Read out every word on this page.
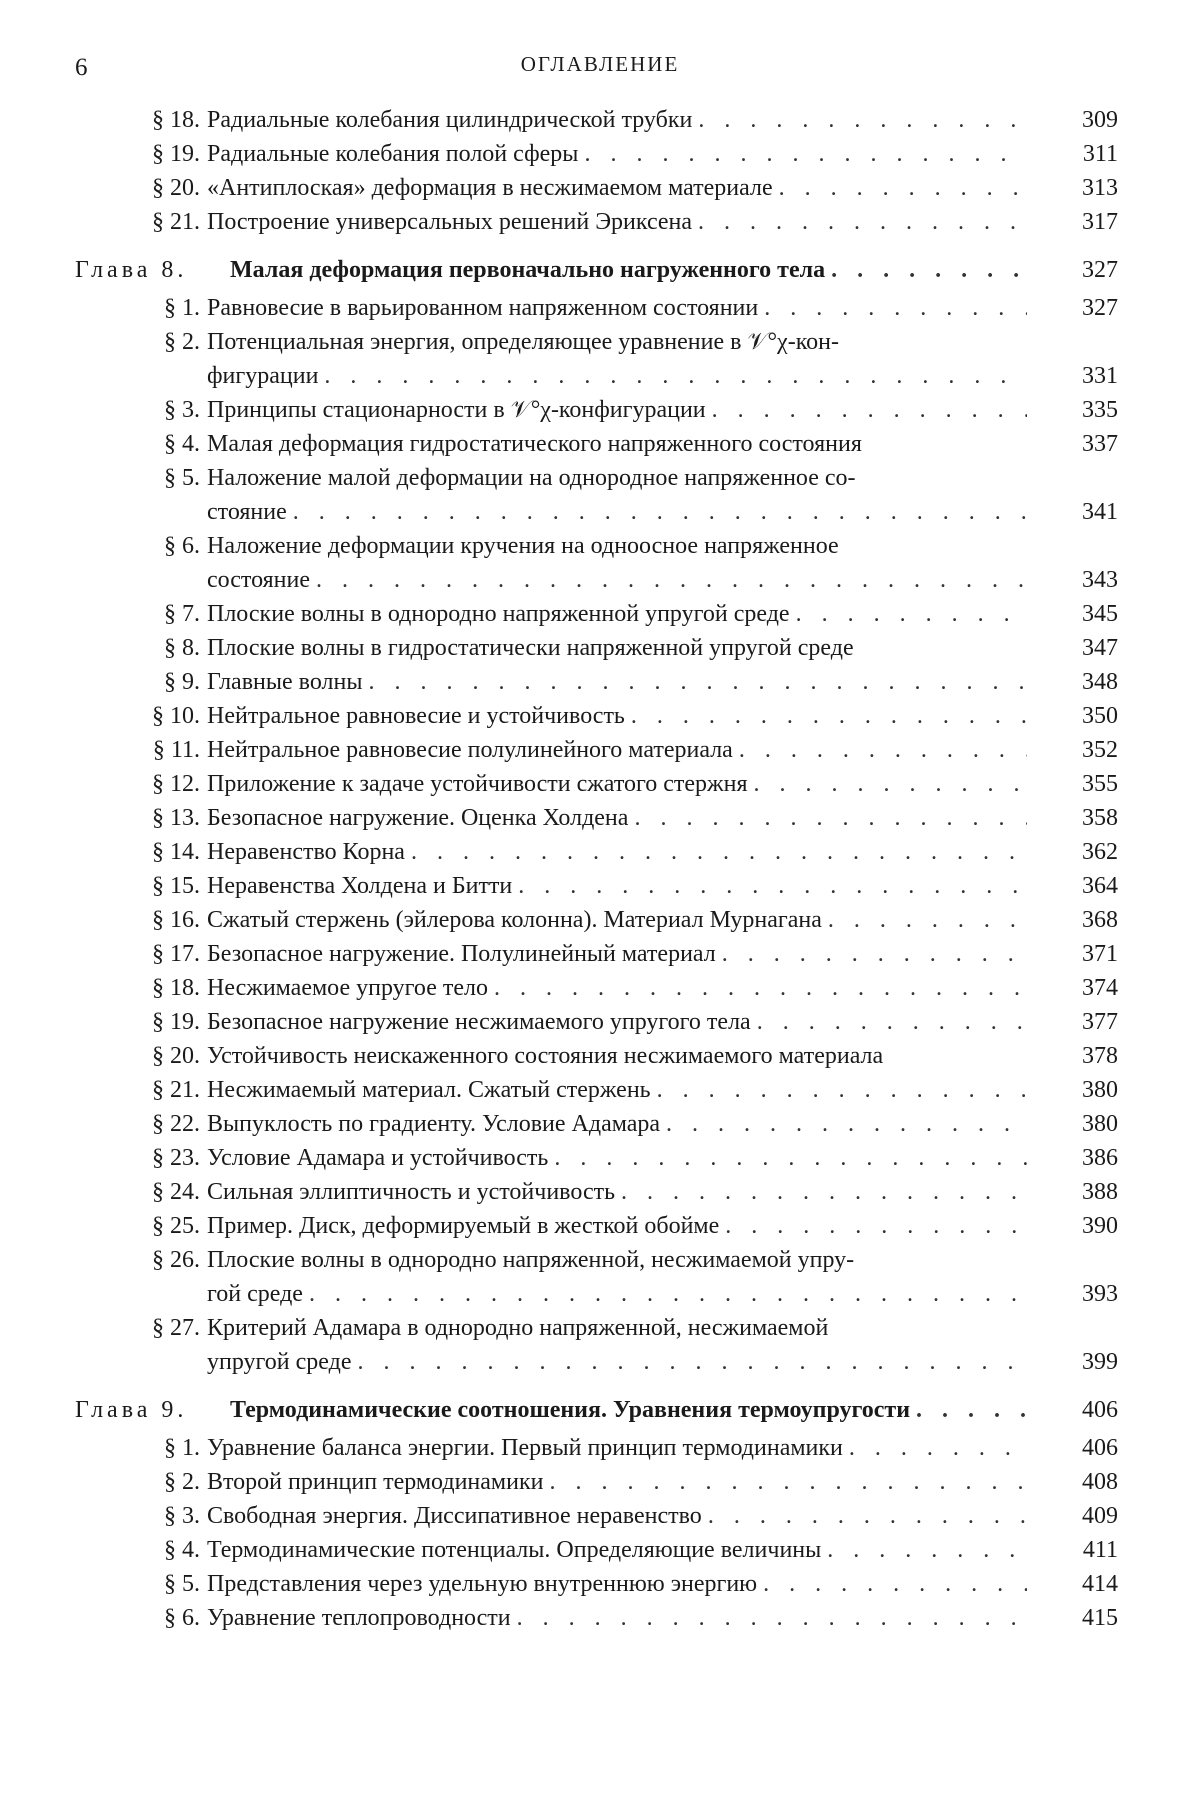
6	ОГЛАВЛЕНИЕ
§ 18. Радиальные колебания цилиндрической трубки . . .	309
§ 19. Радиальные колебания полой сферы . . .	311
§ 20. «Антиплоская» деформация в несжимаемом материале . . .	313
§ 21. Построение универсальных решений Эриксена . . .	317
Глава 8. Малая деформация первоначально нагруженного тела . . .	327
§ 1. Равновесие в варьированном напряженном состоянии . . .	327
§ 2. Потенциальная энергия, определяющее уравнение в 𝒱°χ-кон-
фигурации . . .	331
§ 3. Принципы стационарности в 𝒱°χ-конфигурации . . .	335
§ 4. Малая деформация гидростатического напряженного состояния	337
§ 5. Наложение малой деформации на однородное напряженное со-
стояние . . .	341
§ 6. Наложение деформации кручения на одноосное напряженное
состояние . . .	343
§ 7. Плоские волны в однородно напряженной упругой среде . . .	345
§ 8. Плоские волны в гидростатически напряженной упругой среде	347
§ 9. Главные волны . . .	348
§ 10. Нейтральное равновесие и устойчивость . . .	350
§ 11. Нейтральное равновесие полулинейного материала . . .	352
§ 12. Приложение к задаче устойчивости сжатого стержня . . .	355
§ 13. Безопасное нагружение. Оценка Холдена . . .	358
§ 14. Неравенство Корна . . .	362
§ 15. Неравенства Холдена и Битти . . .	364
§ 16. Сжатый стержень (эйлерова колонна). Материал Мурнагана . . .	368
§ 17. Безопасное нагружение. Полулинейный материал . . .	371
§ 18. Несжимаемое упругое тело . . .	374
§ 19. Безопасное нагружение несжимаемого упругого тела . . .	377
§ 20. Устойчивость неискаженного состояния несжимаемого материала	378
§ 21. Несжимаемый материал. Сжатый стержень . . .	380
§ 22. Выпуклость по градиенту. Условие Адамара . . .	380
§ 23. Условие Адамара и устойчивость . . .	386
§ 24. Сильная эллиптичность и устойчивость . . .	388
§ 25. Пример. Диск, деформируемый в жесткой обойме . . .	390
§ 26. Плоские волны в однородно напряженной, несжимаемой упру-
гой среде . . .	393
§ 27. Критерий Адамара в однородно напряженной, несжимаемой
упругой среде . . .	399
Глава 9. Термодинамические соотношения. Уравнения термоупругости . . .	406
§ 1. Уравнение баланса энергии. Первый принцип термодинамики . . .	406
§ 2. Второй принцип термодинамики . . .	408
§ 3. Свободная энергия. Диссипативное неравенство . . .	409
§ 4. Термодинамические потенциалы. Определяющие величины . . .	411
§ 5. Представления через удельную внутреннюю энергию . . .	414
§ 6. Уравнение теплопроводности . . .	415
